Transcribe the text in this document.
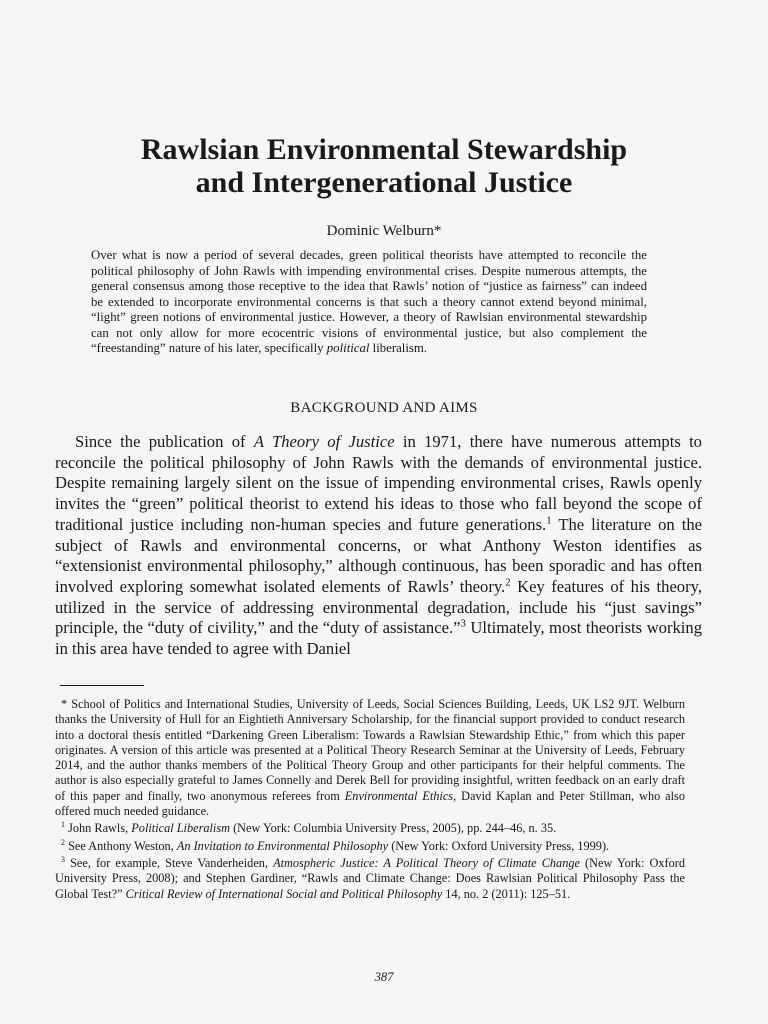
Rawlsian Environmental Stewardship
and Intergenerational Justice
Dominic Welburn*
Over what is now a period of several decades, green political theorists have attempted to reconcile the political philosophy of John Rawls with impending environmental crises. Despite numerous attempts, the general consensus among those receptive to the idea that Rawls’ notion of “justice as fairness” can indeed be extended to incorporate environmental concerns is that such a theory cannot extend beyond minimal, “light” green notions of environmental justice. However, a theory of Rawlsian environmental stewardship can not only allow for more ecocentric visions of environmental justice, but also complement the “freestanding” nature of his later, specifically political liberalism.
BACKGROUND AND AIMS

Since the publication of A Theory of Justice in 1971, there have numerous attempts to reconcile the political philosophy of John Rawls with the demands of environmental justice. Despite remaining largely silent on the issue of impending environmental crises, Rawls openly invites the “green” political theorist to extend his ideas to those who fall beyond the scope of traditional justice including non-human species and future generations.$^1$ The literature on the subject of Rawls and environmental concerns, or what Anthony Weston identifies as “extensionist environmental philosophy,” although continuous, has been sporadic and has often involved exploring somewhat isolated elements of Rawls’ theory.$^2$ Key features of his theory, utilized in the service of addressing environmental degradation, include his “just savings” principle, the “duty of civility,” and the “duty of assistance.”$^3$ Ultimately, most theorists working in this area have tended to agree with Daniel

* School of Politics and International Studies, University of Leeds, Social Sciences Building, Leeds, UK LS2 9JT. Welburn thanks the University of Hull for an Eightieth Anniversary Scholarship, for the financial support provided to conduct research into a doctoral thesis entitled “Darkening Green Liberalism: Towards a Rawlsian Stewardship Ethic,” from which this paper originates. A version of this article was presented at a Political Theory Research Seminar at the University of Leeds, February 2014, and the author thanks members of the Political Theory Group and other participants for their helpful comments. The author is also especially grateful to James Connelly and Derek Bell for providing insightful, written feedback on an early draft of this paper and finally, two anonymous referees from Environmental Ethics, David Kaplan and Peter Stillman, who also offered much needed guidance.

$^1$ John Rawls, Political Liberalism (New York: Columbia University Press, 2005), pp. 244–46, n. 35.

$^2$ See Anthony Weston, An Invitation to Environmental Philosophy (New York: Oxford University Press, 1999).

$^3$ See, for example, Steve Vanderheiden, Atmospheric Justice: A Political Theory of Climate Change (New York: Oxford University Press, 2008); and Stephen Gardiner, “Rawls and Climate Change: Does Rawlsian Political Philosophy Pass the Global Test?” Critical Review of International Social and Political Philosophy 14, no. 2 (2011): 125–51.

387
